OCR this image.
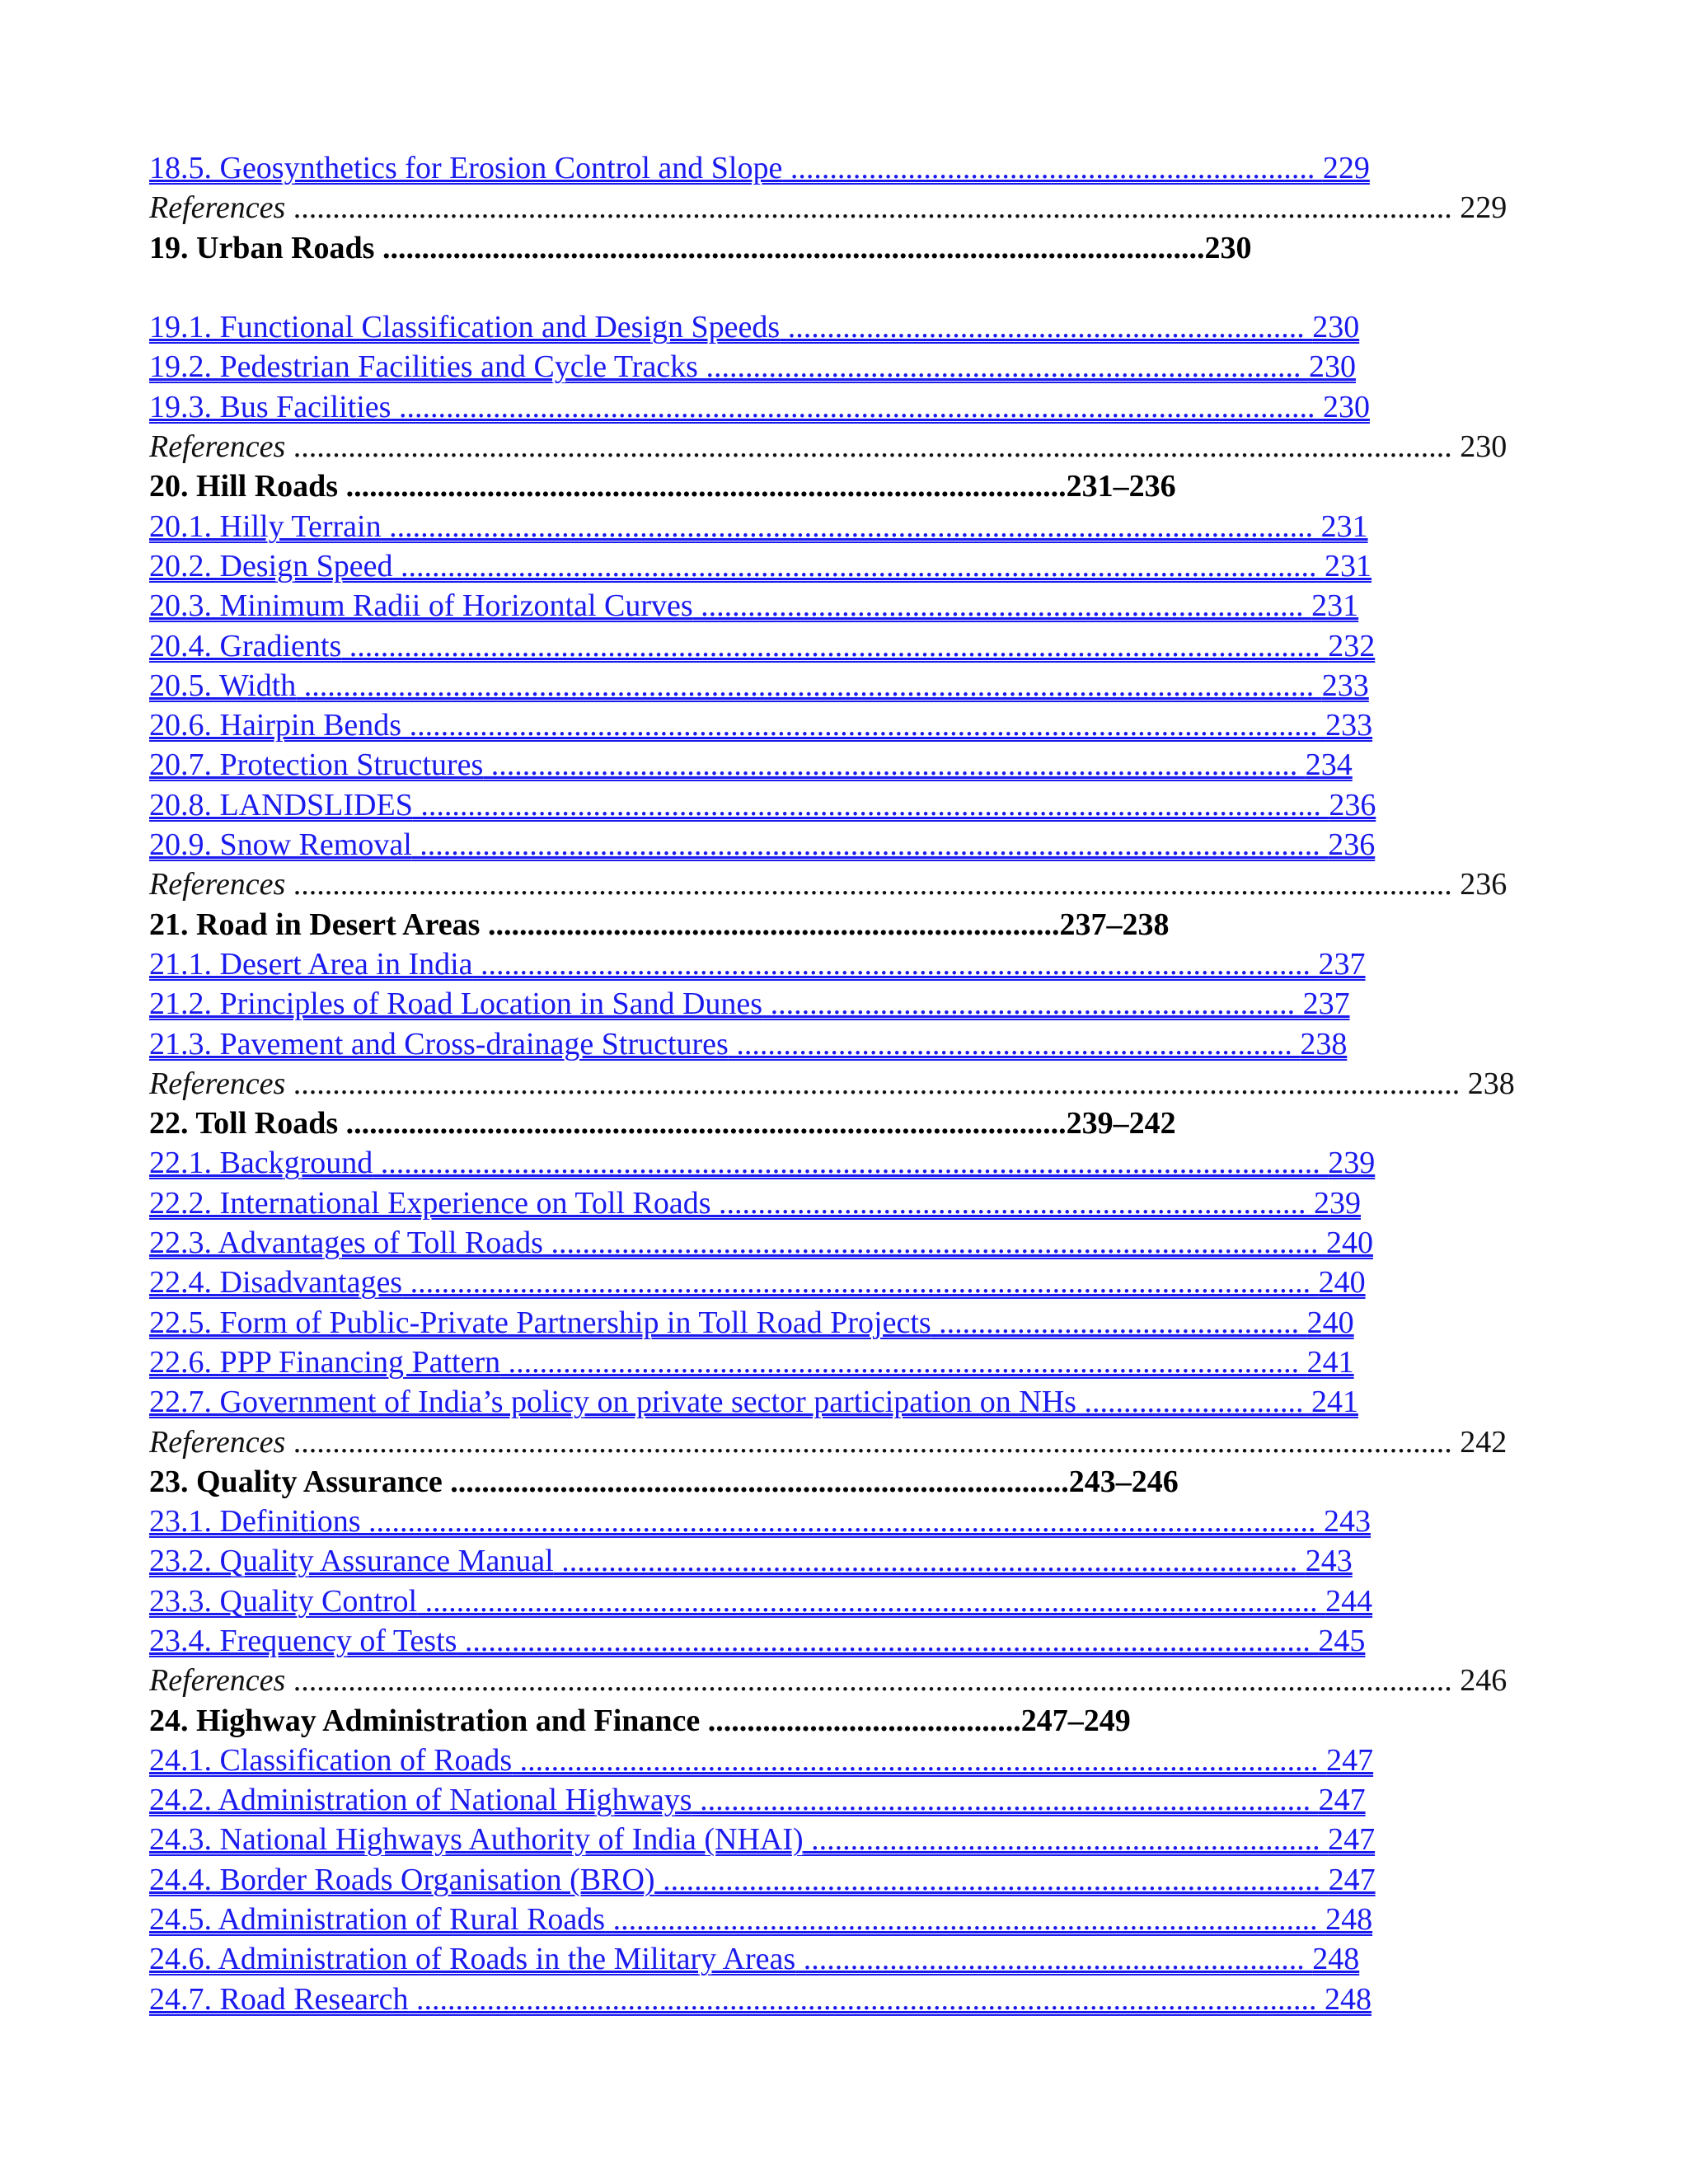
18.5. Geosynthetics for Erosion Control and Slope ................................................................... 229
References .................................................................................................................................................... 229
19. Urban Roads .........................................................................................................230
19.1. Functional Classification and Design Speeds .................................................................. 230
19.2. Pedestrian Facilities and Cycle Tracks ............................................................................ 230
19.3. Bus Facilities ..................................................................................................................... 230
References .................................................................................................................................................... 230
20. Hill Roads ............................................................................................231–236
20.1. Hilly Terrain ...................................................................................................................... 231
20.2. Design Speed ..................................................................................................................... 231
20.3. Minimum Radii of Horizontal Curves ............................................................................. 231
20.4. Gradients ............................................................................................................................ 232
20.5. Width ................................................................................................................................. 233
20.6. Hairpin Bends .................................................................................................................... 233
20.7. Protection Structures ....................................................................................................... 234
20.8. LANDSLIDES ................................................................................................................... 236
20.9. Snow Removal ................................................................................................................... 236
References .................................................................................................................................................... 236
21. Road in Desert Areas .........................................................................237–238
21.1. Desert Area in India .......................................................................................................... 237
21.2. Principles of Road Location in Sand Dunes ................................................................... 237
21.3. Pavement and Cross-drainage Structures ....................................................................... 238
References ..................................................................................................................................................... 238
22. Toll Roads ............................................................................................239–242
22.1. Background ........................................................................................................................ 239
22.2. International Experience on Toll Roads ........................................................................... 239
22.3. Advantages of Toll Roads .................................................................................................. 240
22.4. Disadvantages ................................................................................................................... 240
22.5. Form of Public-Private Partnership in Toll Road Projects .............................................. 240
22.6. PPP Financing Pattern ..................................................................................................... 241
22.7. Government of India’s policy on private sector participation on NHs ............................ 241
References .................................................................................................................................................... 242
23. Quality Assurance ...............................................................................243–246
23.1. Definitions ......................................................................................................................... 243
23.2. Quality Assurance Manual .............................................................................................. 243
23.3. Quality Control .................................................................................................................. 244
23.4. Frequency of Tests ............................................................................................................ 245
References .................................................................................................................................................... 246
24. Highway Administration and Finance ........................................247–249
24.1. Classification of Roads ...................................................................................................... 247
24.2. Administration of National Highways .............................................................................. 247
24.3. National Highways Authority of India (NHAI) ................................................................. 247
24.4. Border Roads Organisation (BRO) .................................................................................... 247
24.5. Administration of Rural Roads .......................................................................................... 248
24.6. Administration of Roads in the Military Areas ................................................................ 248
24.7. Road Research ................................................................................................................... 248
